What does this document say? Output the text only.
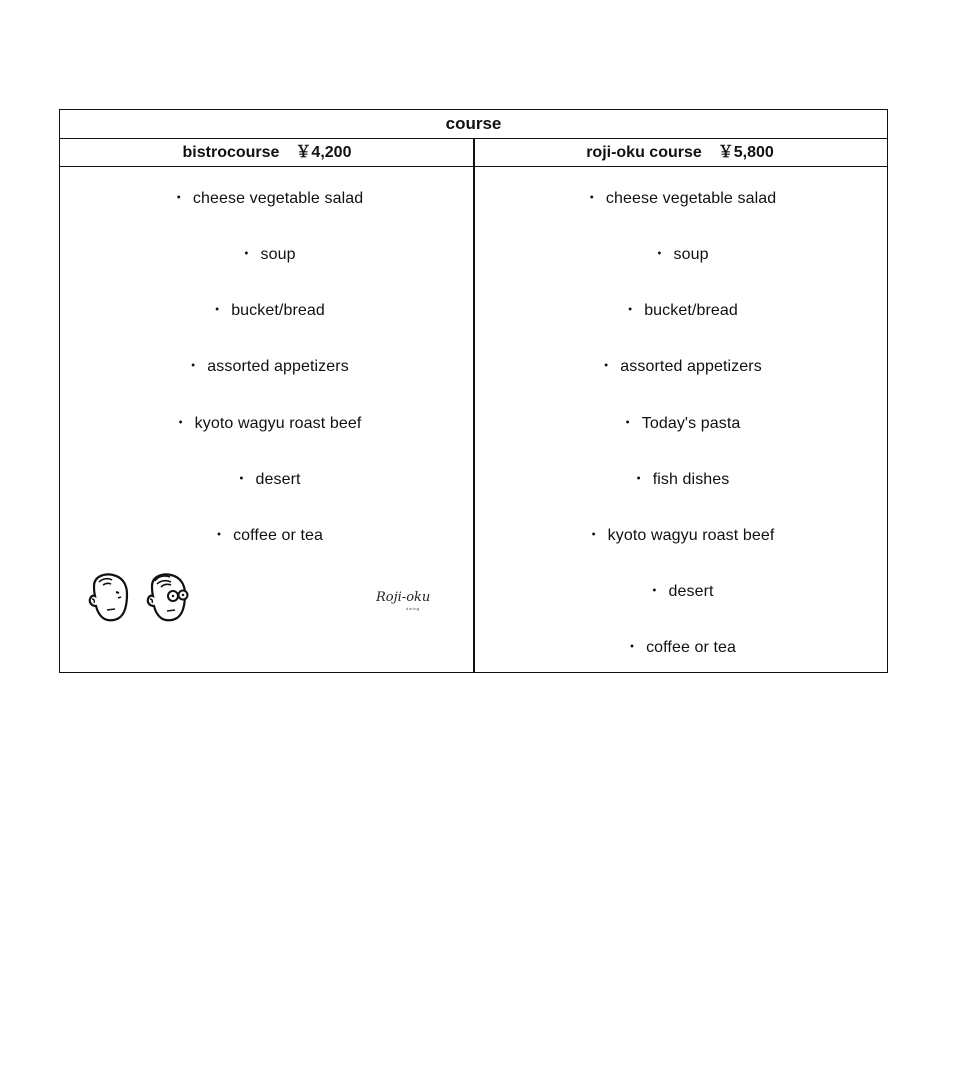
course
bistrocourse　￥4,200	roji-oku course　￥5,800
・ cheese vegetable salad
・ soup
・ bucket/bread
・ assorted appetizers
・ kyoto wagyu roast beef
・ desert
・ coffee or tea
・ cheese vegetable salad
・ soup
・ bucket/bread
・ assorted appetizers
・ Today's pasta
・ fish dishes
・ kyoto wagyu roast beef
・ desert
・ coffee or tea
Roji-oku
dining
